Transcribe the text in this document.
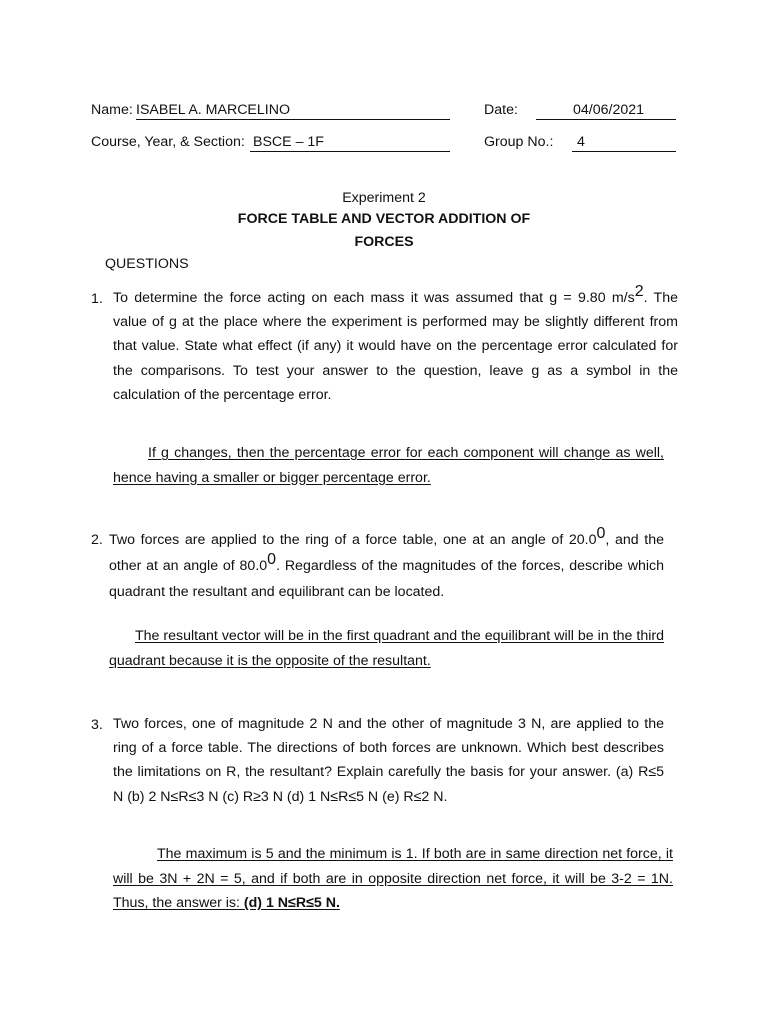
Name: ISABEL A. MARCELINO	Date:	04/06/2021
Course, Year, & Section: BSCE – 1F	Group No.:	4
Experiment 2
FORCE TABLE AND VECTOR ADDITION OF
FORCES
QUESTIONS
1. To determine the force acting on each mass it was assumed that g = 9.80 $m/s^2$. The value of g at the place where the experiment is performed may be slightly different from that value. State what effect (if any) it would have on the percentage error calculated for the comparisons. To test your answer to the question, leave g as a symbol in the calculation of the percentage error.
If g changes, then the percentage error for each component will change as well, hence having a smaller or bigger percentage error.
2. Two forces are applied to the ring of a force table, one at an angle of 20.0$^0$, and the other at an angle of 80.0$^0$. Regardless of the magnitudes of the forces, describe which quadrant the resultant and equilibrant can be located.
The resultant vector will be in the first quadrant and the equilibrant will be in the third quadrant because it is the opposite of the resultant.
3. Two forces, one of magnitude 2 N and the other of magnitude 3 N, are applied to the ring of a force table. The directions of both forces are unknown. Which best describes the limitations on R, the resultant? Explain carefully the basis for your answer. (a) R≤5 N (b) 2 N≤R≤3 N (c) R≥3 N (d) 1 N≤R≤5 N (e) R≤2 N.
The maximum is 5 and the minimum is 1. If both are in same direction net force, it will be 3N + 2N = 5, and if both are in opposite direction net force, it will be 3-2 = 1N. Thus, the answer is: (d) 1 N≤R≤5 N.
